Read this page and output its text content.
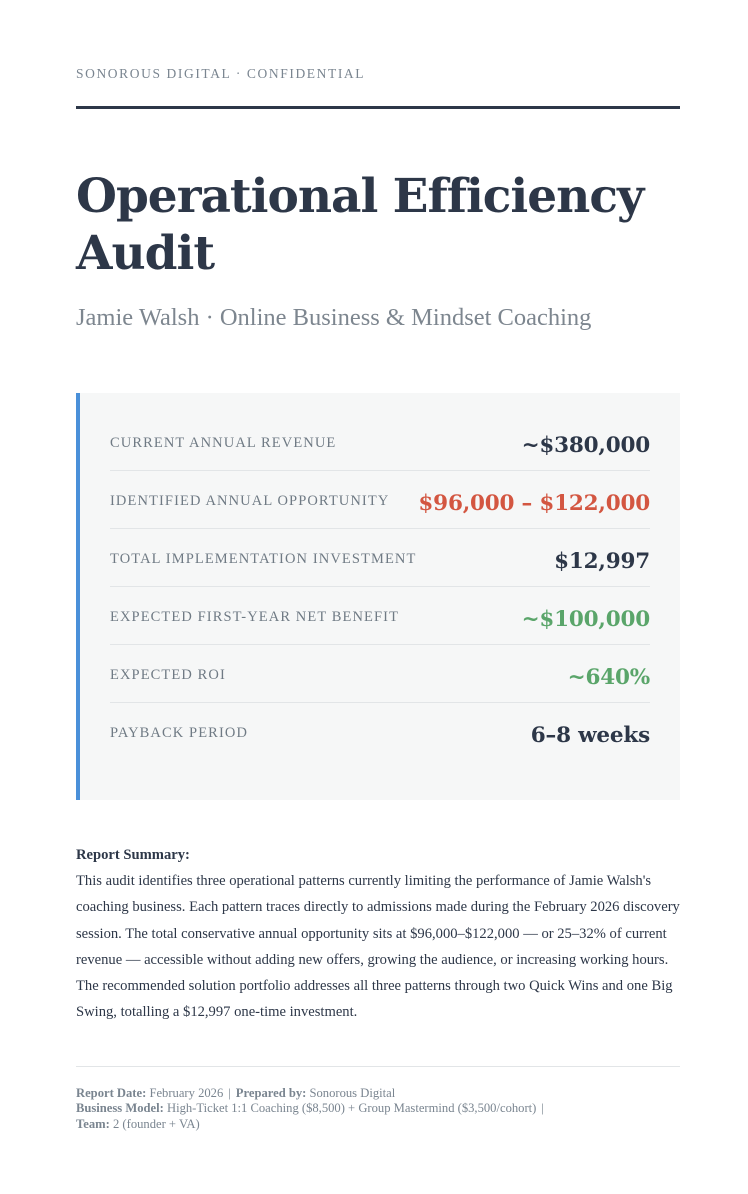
SONOROUS DIGITAL · CONFIDENTIAL
Operational Efficiency Audit
Jamie Walsh · Online Business & Mindset Coaching
CURRENT ANNUAL REVENUE	~$380,000
IDENTIFIED ANNUAL OPPORTUNITY $96,000 – $122,000
TOTAL IMPLEMENTATION INVESTMENT	$12,997
EXPECTED FIRST-YEAR NET BENEFIT	~$100,000
EXPECTED ROI	~640%
PAYBACK PERIOD	6–8 weeks
Report Summary:
This audit identifies three operational patterns currently limiting the performance of Jamie Walsh's coaching business. Each pattern traces directly to admissions made during the February 2026 discovery session. The total conservative annual opportunity sits at $96,000–$122,000 — or 25–32% of current revenue — accessible without adding new offers, growing the audience, or increasing working hours. The recommended solution portfolio addresses all three patterns through two Quick Wins and one Big Swing, totalling a $12,997 one-time investment.
Report Date: February 2026 | Prepared by: Sonorous Digital
Business Model: High-Ticket 1:1 Coaching ($8,500) + Group Mastermind ($3,500/cohort) |
Team: 2 (founder + VA)
